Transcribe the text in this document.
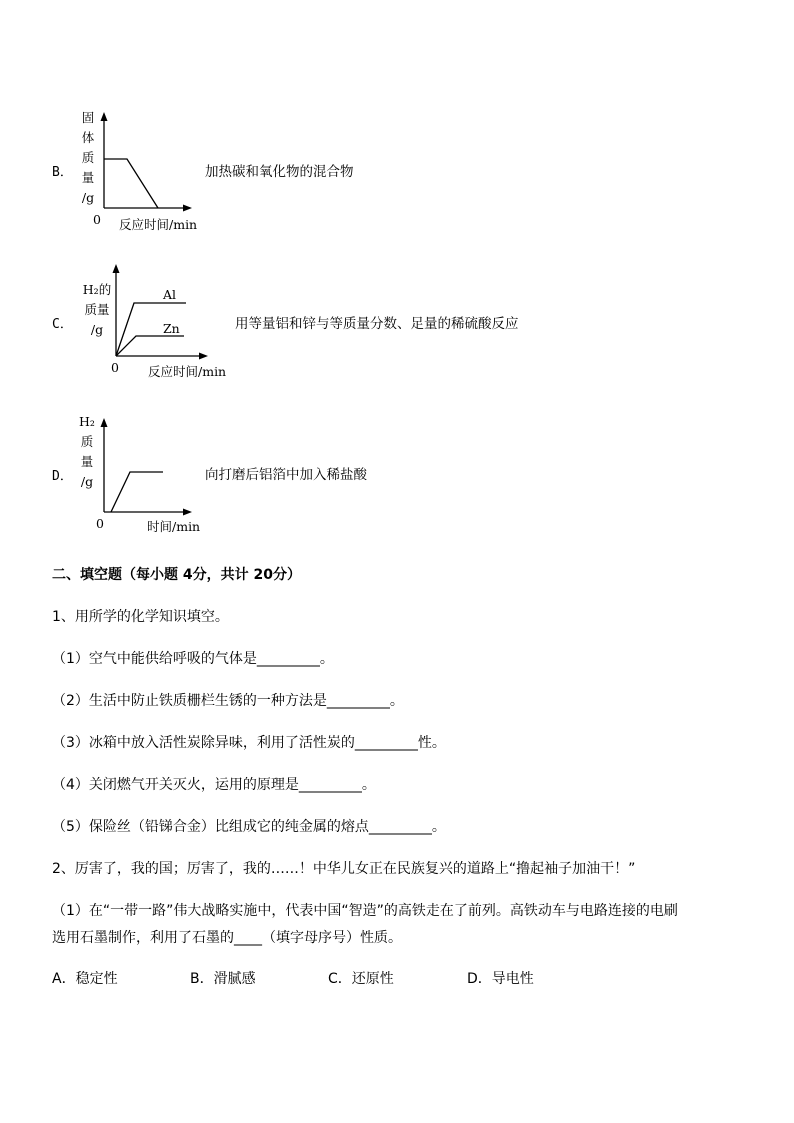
B．
固
体
质
量
/g
0 反应时间/min
加热碳和氧化物的混合物
C．
H₂的
质量
/g
Al
Zn
0 反应时间/min
用等量铝和锌与等质量分数、足量的稀硫酸反应
D．
H₂
质
量
/g
0	时间/min
向打磨后铝箔中加入稀盐酸
二、填空题（每小题 4分，共计 20分）
1、用所学的化学知识填空。
（1）空气中能供给呼吸的气体是_________。
（2）生活中防止铁质栅栏生锈的一种方法是_________。
（3）冰箱中放入活性炭除异味，利用了活性炭的_________性。
（4）关闭燃气开关灭火，运用的原理是_________。
（5）保险丝（铅锑合金）比组成它的纯金属的熔点_________。
2、厉害了，我的国；厉害了，我的……！中华儿女正在民族复兴的道路上“撸起袖子加油干！”
（1）在“一带一路”伟大战略实施中，代表中国“智造”的高铁走在了前列。高铁动车与电路连接的电刷
选用石墨制作，利用了石墨的____（填字母序号）性质。
A．稳定性	B．滑腻感	C．还原性	D．导电性
